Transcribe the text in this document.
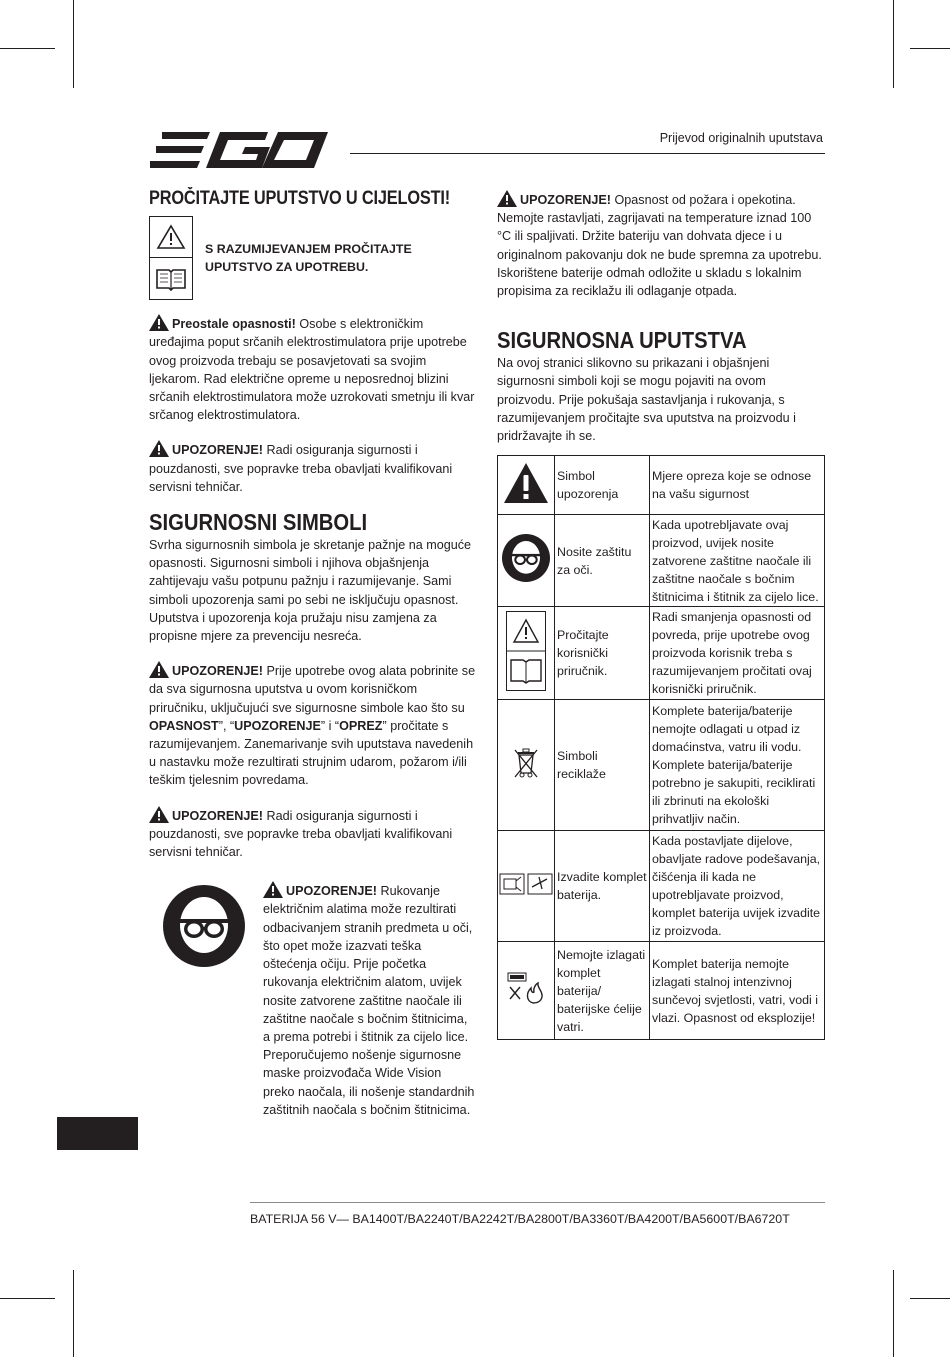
Prijevod originalnih uputstava
PROČITAJTE UPUTSTVO U CIJELOSTI!
S RAZUMIJEVANJEM PROČITAJTE UPUTSTVO ZA UPOTREBU.

Preostale opasnosti! Osobe s elektroničkim uređajima poput srčanih elektrostimulatora prije upotrebe ovog proizvoda trebaju se posavjetovati sa svojim ljekarom. Rad električne opreme u neposrednoj blizini srčanih elektrostimulatora može uzrokovati smetnju ili kvar srčanog elektrostimulatora.

UPOZORENJE! Radi osiguranja sigurnosti i pouzdanosti, sve popravke treba obavljati kvalifikovani servisni tehničar.

SIGURNOSNI SIMBOLI

Svrha sigurnosnih simbola je skretanje pažnje na moguće opasnosti. Sigurnosni simboli i njihova objašnjenja zahtijevaju vašu potpunu pažnju i razumijevanje. Sami simboli upozorenja sami po sebi ne isključuju opasnost. Uputstva i upozorenja koja pružaju nisu zamjena za propisne mjere za prevenciju nesreća.

UPOZORENJE! Prije upotrebe ovog alata pobrinite se da sva sigurnosna uputstva u ovom korisničkom priručniku, uključujući sve sigurnosne simbole kao što su OPASNOST”, “UPOZORENJE” i “OPREZ” pročitate s razumijevanjem. Zanemarivanje svih uputstava navedenih u nastavku može rezultirati strujnim udarom, požarom i/ili teškim tjelesnim povredama.

UPOZORENJE! Radi osiguranja sigurnosti i pouzdanosti, sve popravke treba obavljati kvalifikovani servisni tehničar.

UPOZORENJE! Rukovanje električnim alatima može rezultirati odbacivanjem stranih predmeta u oči, što opet može izazvati teška oštećenja očiju. Prije početka rukovanja električnim alatom, uvijek nosite zatvorene zaštitne naočale ili zaštitne naočale s bočnim štitnicima, a prema potrebi i štitnik za cijelo lice. Preporučujemo nošenje sigurnosne maske proizvođača Wide Vision preko naočala, ili nošenje standardnih zaštitnih naočala s bočnim štitnicima.

UPOZORENJE! Opasnost od požara i opekotina. Nemojte rastavljati, zagrijavati na temperature iznad 100 °C ili spaljivati. Držite bateriju van dohvata djece i u originalnom pakovanju dok ne bude spremna za upotrebu. Iskorištene baterije odmah odložite u skladu s lokalnim propisima za reciklažu ili odlaganje otpada.

SIGURNOSNA UPUTSTVA

Na ovoj stranici slikovno su prikazani i objašnjeni sigurnosni simboli koji se mogu pojaviti na ovom proizvodu. Prije pokušaja sastavljanja i rukovanja, s razumijevanjem pročitajte sva uputstva na proizvodu i pridržavajte ih se.

	Simbol upozorenja	Mjere opreza koje se odnose na vašu sigurnost
	Nosite zaštitu za oči.	Kada upotrebljavate ovaj proizvod, uvijek nosite zatvorene zaštitne naočale ili zaštitne naočale s bočnim štitnicima i štitnik za cijelo lice.
	Pročitajte korisnički priručnik.	Radi smanjenja opasnosti od povreda, prije upotrebe ovog proizvoda korisnik treba s razumijevanjem pročitati ovaj korisnički priručnik.
	Simboli reciklaže	Komplete baterija/baterije nemojte odlagati u otpad iz domaćinstva, vatru ili vodu. Komplete baterija/baterije potrebno je sakupiti, reciklirati ili zbrinuti na ekološki prihvatljiv način.
	Izvadite komplet baterija.	Kada postavljate dijelove, obavljate radove podešavanja, čišćenja ili kada ne upotrebljavate proizvod, komplet baterija uvijek izvadite iz proizvoda.
	Nemojte izlagati komplet baterija/ baterijske ćelije vatri.	Komplet baterija nemojte izlagati stalnoj intenzivnoj sunčevoj svjetlosti, vatri, vodi i vlazi. Opasnost od eksplozije!
BATERIJA 56 V— BA1400T/BA2240T/BA2242T/BA2800T/BA3360T/BA4200T/BA5600T/BA6720T
